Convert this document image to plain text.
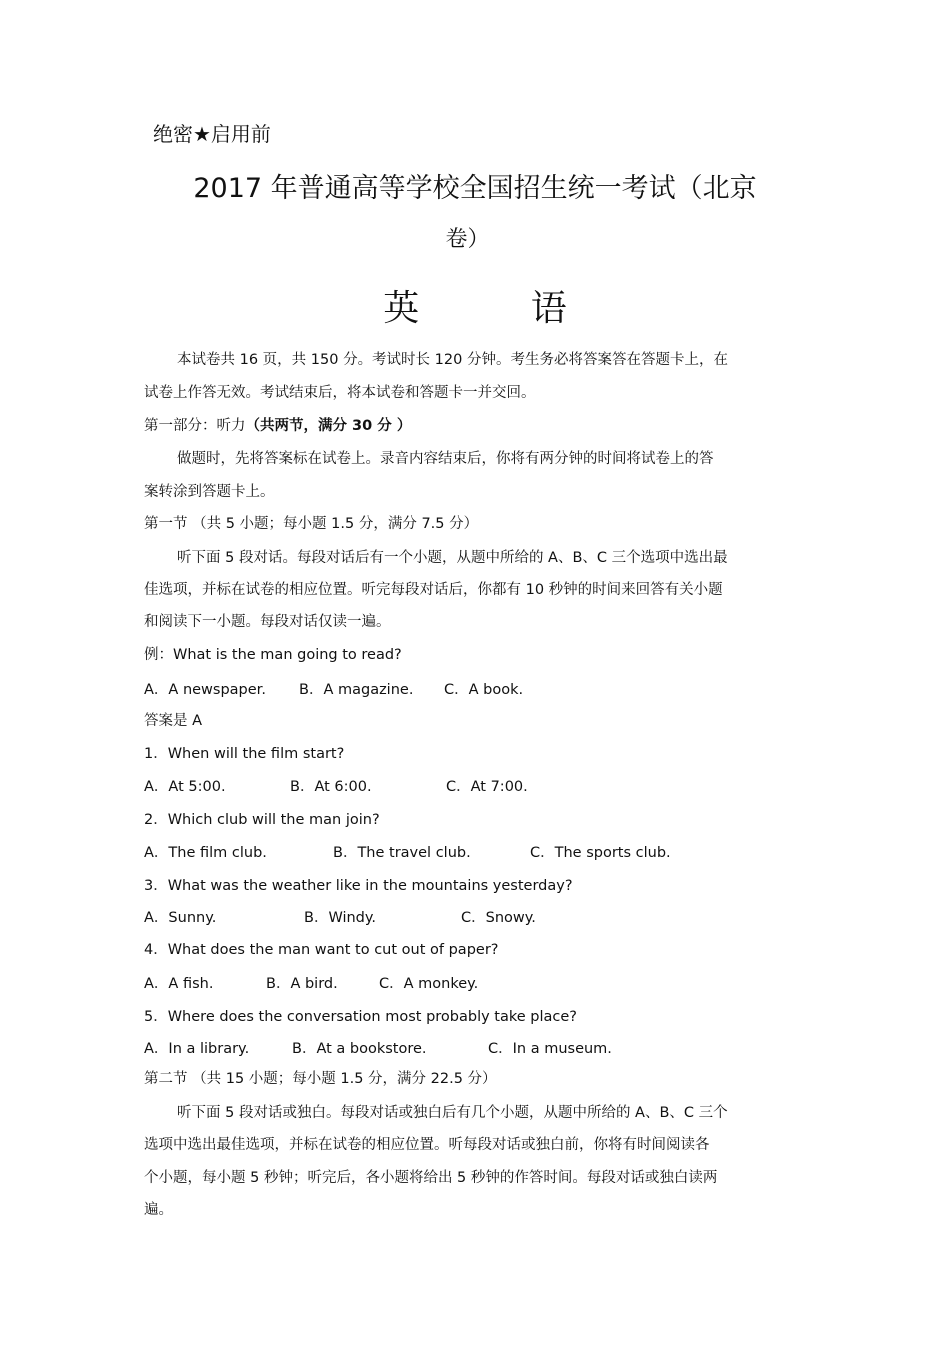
绝密★启用前
2017 年普通高等学校全国招生统一考试（北京
卷）
英 语
本试卷共 16 页，共 150 分。考试时长 120 分钟。考生务必将答案答在答题卡上，在
试卷上作答无效。考试结束后，将本试卷和答题卡一并交回。
第一部分：听力（共两节，满分 30 分 ）
做题时，先将答案标在试卷上。录音内容结束后，你将有两分钟的时间将试卷上的答
案转涂到答题卡上。
第一节 （共 5 小题；每小题 1.5 分，满分 7.5 分）
听下面 5 段对话。每段对话后有一个小题，从题中所给的 A、B、C 三个选项中选出最
佳选项，并标在试卷的相应位置。听完每段对话后，你都有 10 秒钟的时间来回答有关小题
和阅读下一小题。每段对话仅读一遍。
例：What is the man going to read?
A．A newspaper. B．A magazine. C．A book.
答案是 A
1．When will the film start?
A．At 5:00.	B．At 6:00.	C．At 7:00.
2．Which club will the man join?
A．The film club.	B．The travel club.	C．The sports club.
3．What was the weather like in the mountains yesterday?
A．Sunny.	B．Windy.	C．Snowy.
4．What does the man want to cut out of paper?
A．A fish.	B．A bird.	C．A monkey.
5．Where does the conversation most probably take place?
A．In a library.	B．At a bookstore.	C．In a museum.
第二节 （共 15 小题；每小题 1.5 分，满分 22.5 分）
听下面 5 段对话或独白。每段对话或独白后有几个小题，从题中所给的 A、B、C 三个
选项中选出最佳选项，并标在试卷的相应位置。听每段对话或独白前，你将有时间阅读各
个小题，每小题 5 秒钟；听完后，各小题将给出 5 秒钟的作答时间。每段对话或独白读两
遍。
